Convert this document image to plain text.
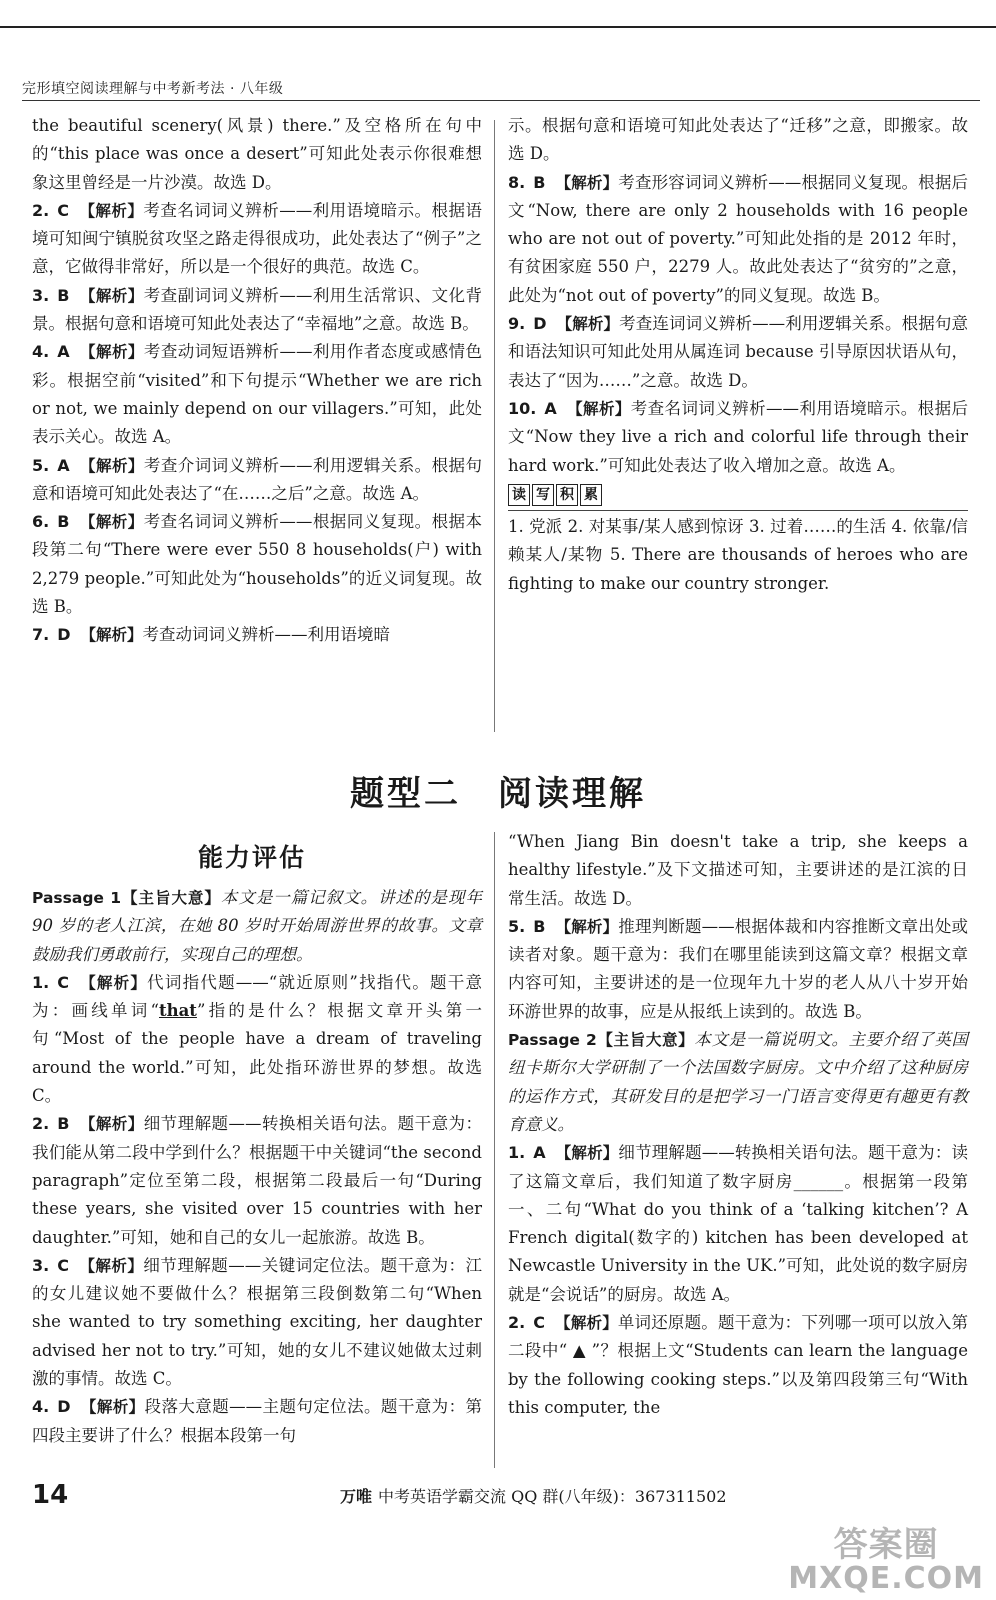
完形填空阅读理解与中考新考法 · 八年级
the beautiful scenery(风景) there.”及空格所在句中的“this place was once a desert”可知此处表示你很难想象这里曾经是一片沙漠。故选 D。
2. C 【解析】考查名词词义辨析——利用语境暗示。根据语境可知闽宁镇脱贫攻坚之路走得很成功，此处表达了“例子”之意，它做得非常好，所以是一个很好的典范。故选 C。
3. B 【解析】考查副词词义辨析——利用生活常识、文化背景。根据句意和语境可知此处表达了“幸福地”之意。故选 B。
4. A 【解析】考查动词短语辨析——利用作者态度或感情色彩。根据空前“visited”和下句提示“Whether we are rich or not, we mainly depend on our villagers.”可知，此处表示关心。故选 A。
5. A 【解析】考查介词词义辨析——利用逻辑关系。根据句意和语境可知此处表达了“在……之后”之意。故选 A。
6. B 【解析】考查名词词义辨析——根据同义复现。根据本段第二句“There were ever 550 8 households(户) with 2,279 people.”可知此处为“households”的近义词复现。故选 B。
7. D 【解析】考查动词词义辨析——利用语境暗
示。根据句意和语境可知此处表达了“迁移”之意，即搬家。故选 D。
8. B 【解析】考查形容词词义辨析——根据同义复现。根据后文“Now, there are only 2 households with 16 people who are not out of poverty.”可知此处指的是 2012 年时，有贫困家庭 550 户，2279 人。故此处表达了“贫穷的”之意，此处为“not out of poverty”的同义复现。故选 B。
9. D 【解析】考查连词词义辨析——利用逻辑关系。根据句意和语法知识可知此处用从属连词 because 引导原因状语从句，表达了“因为……”之意。故选 D。
10. A 【解析】考查名词词义辨析——利用语境暗示。根据后文“Now they live a rich and colorful life through their hard work.”可知此处表达了收入增加之意。故选 A。
读 写 积 累
1. 党派 2. 对某事/某人感到惊讶 3. 过着……的生活 4. 依靠/信赖某人/某物 5. There are thousands of heroes who are fighting to make our country stronger.
题型二　阅读理解
能力评估
Passage 1【主旨大意】本文是一篇记叙文。讲述的是现年 90 岁的老人江滨，在她 80 岁时开始周游世界的故事。文章鼓励我们勇敢前行，实现自己的理想。
1. C 【解析】代词指代题——“就近原则”找指代。题干意为：画线单词“that”指的是什么？根据文章开头第一句“Most of the people have a dream of traveling around the world.”可知，此处指环游世界的梦想。故选 C。
2. B 【解析】细节理解题——转换相关语句法。题干意为：我们能从第二段中学到什么？根据题干中关键词“the second paragraph”定位至第二段，根据第二段最后一句“During these years, she visited over 15 countries with her daughter.”可知，她和自己的女儿一起旅游。故选 B。
3. C 【解析】细节理解题——关键词定位法。题干意为：江的女儿建议她不要做什么？根据第三段倒数第二句“When she wanted to try something exciting, her daughter advised her not to try.”可知，她的女儿不建议她做太过刺激的事情。故选 C。
4. D 【解析】段落大意题——主题句定位法。题干意为：第四段主要讲了什么？根据本段第一句
“When Jiang Bin doesn't take a trip, she keeps a healthy lifestyle.”及下文描述可知，主要讲述的是江滨的日常生活。故选 D。
5. B 【解析】推理判断题——根据体裁和内容推断文章出处或读者对象。题干意为：我们在哪里能读到这篇文章？根据文章内容可知，主要讲述的是一位现年九十岁的老人从八十岁开始环游世界的故事，应是从报纸上读到的。故选 B。
Passage 2【主旨大意】本文是一篇说明文。主要介绍了英国纽卡斯尔大学研制了一个法国数字厨房。文中介绍了这种厨房的运作方式，其研发目的是把学习一门语言变得更有趣更有教育意义。
1. A 【解析】细节理解题——转换相关语句法。题干意为：读了这篇文章后，我们知道了数字厨房______。根据第一段第一、二句“What do you think of a ‘talking kitchen’? A French digital(数字的) kitchen has been developed at Newcastle University in the UK.”可知，此处说的数字厨房就是“会说话”的厨房。故选 A。
2. C 【解析】单词还原题。题干意为：下列哪一项可以放入第二段中“ ▲ ”？根据上文“Students can learn the language by the following cooking steps.”以及第四段第三句“With this computer, the
14	万唯 中考英语学霸交流 QQ 群(八年级)：367311502
答案圈
MXQE.COM
